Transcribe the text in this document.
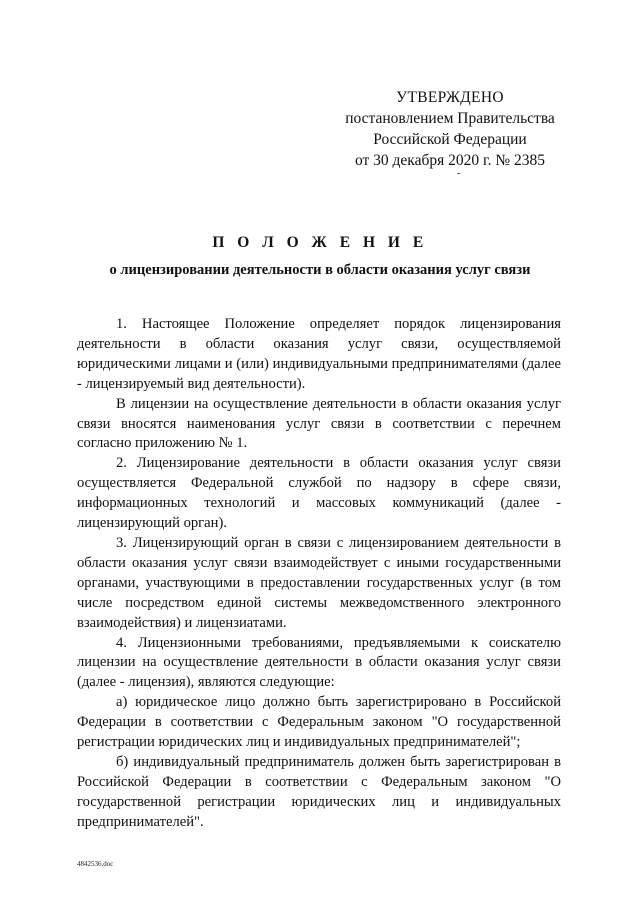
УТВЕРЖДЕНО
постановлением Правительства
Российской Федерации
от 30 декабря 2020 г. № 2385
-
П О Л О Ж Е Н И Е
о лицензировании деятельности в области оказания услуг связи

1. Настоящее Положение определяет порядок лицензирования деятельности в области оказания услуг связи, осуществляемой юридическими лицами и (или) индивидуальными предпринимателями (далее - лицензируемый вид деятельности).

В лицензии на осуществление деятельности в области оказания услуг связи вносятся наименования услуг связи в соответствии с перечнем согласно приложению № 1.

2. Лицензирование деятельности в области оказания услуг связи осуществляется Федеральной службой по надзору в сфере связи, информационных технологий и массовых коммуникаций (далее - лицензирующий орган).

3. Лицензирующий орган в связи с лицензированием деятельности в области оказания услуг связи взаимодействует с иными государственными органами, участвующими в предоставлении государственных услуг (в том числе посредством единой системы межведомственного электронного взаимодействия) и лицензиатами.

4. Лицензионными требованиями, предъявляемыми к соискателю лицензии на осуществление деятельности в области оказания услуг связи (далее - лицензия), являются следующие:

а) юридическое лицо должно быть зарегистрировано в Российской Федерации в соответствии с Федеральным законом "О государственной регистрации юридических лиц и индивидуальных предпринимателей";

б) индивидуальный предприниматель должен быть зарегистрирован в Российской Федерации в соответствии с Федеральным законом "О государственной регистрации юридических лиц и индивидуальных предпринимателей".

4842536.doc
